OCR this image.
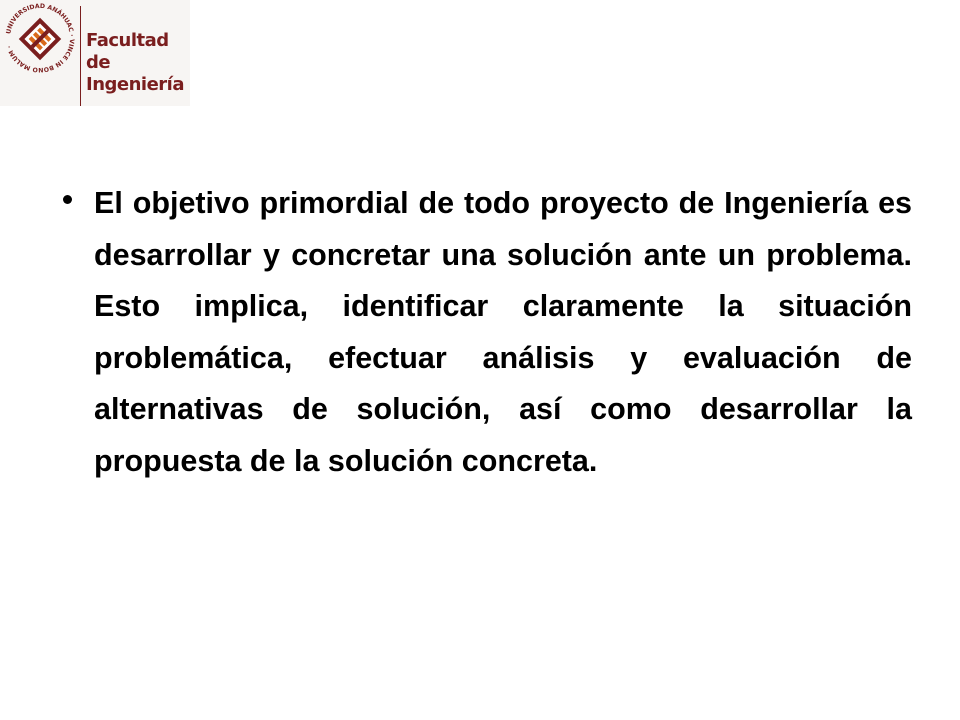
UNIVERSIDAD ANÁHUAC · VINCE IN BONO MALUM ·	Facultad
de Ingeniería
El objetivo primordial de todo proyecto de Ingeniería es desarrollar y concretar una solución ante un problema. Esto implica, identificar claramente la situación problemática, efectuar análisis y evaluación de alternativas de solución, así como desarrollar la propuesta de la solución concreta.
